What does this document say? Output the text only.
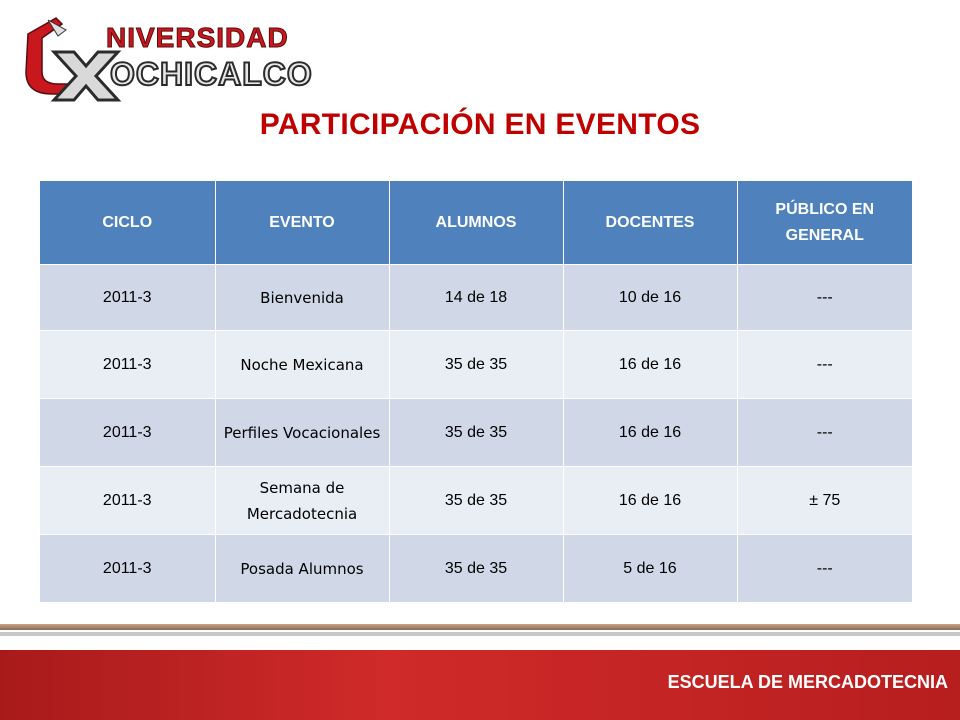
NIVERSIDAD
OCHICALCO
PARTICIPACIÓN EN EVENTOS
CICLO	EVENTO	ALUMNOS	DOCENTES	PÚBLICO EN GENERAL
2011-3	Bienvenida	14 de 18	10 de 16	---
2011-3	Noche Mexicana	35 de 35	16 de 16	---
2011-3	Perfiles Vocacionales	35 de 35	16 de 16	---
2011-3	Semana de Mercadotecnia	35 de 35	16 de 16	± 75
2011-3	Posada Alumnos	35 de 35	5 de 16	---
ESCUELA DE MERCADOTECNIA
